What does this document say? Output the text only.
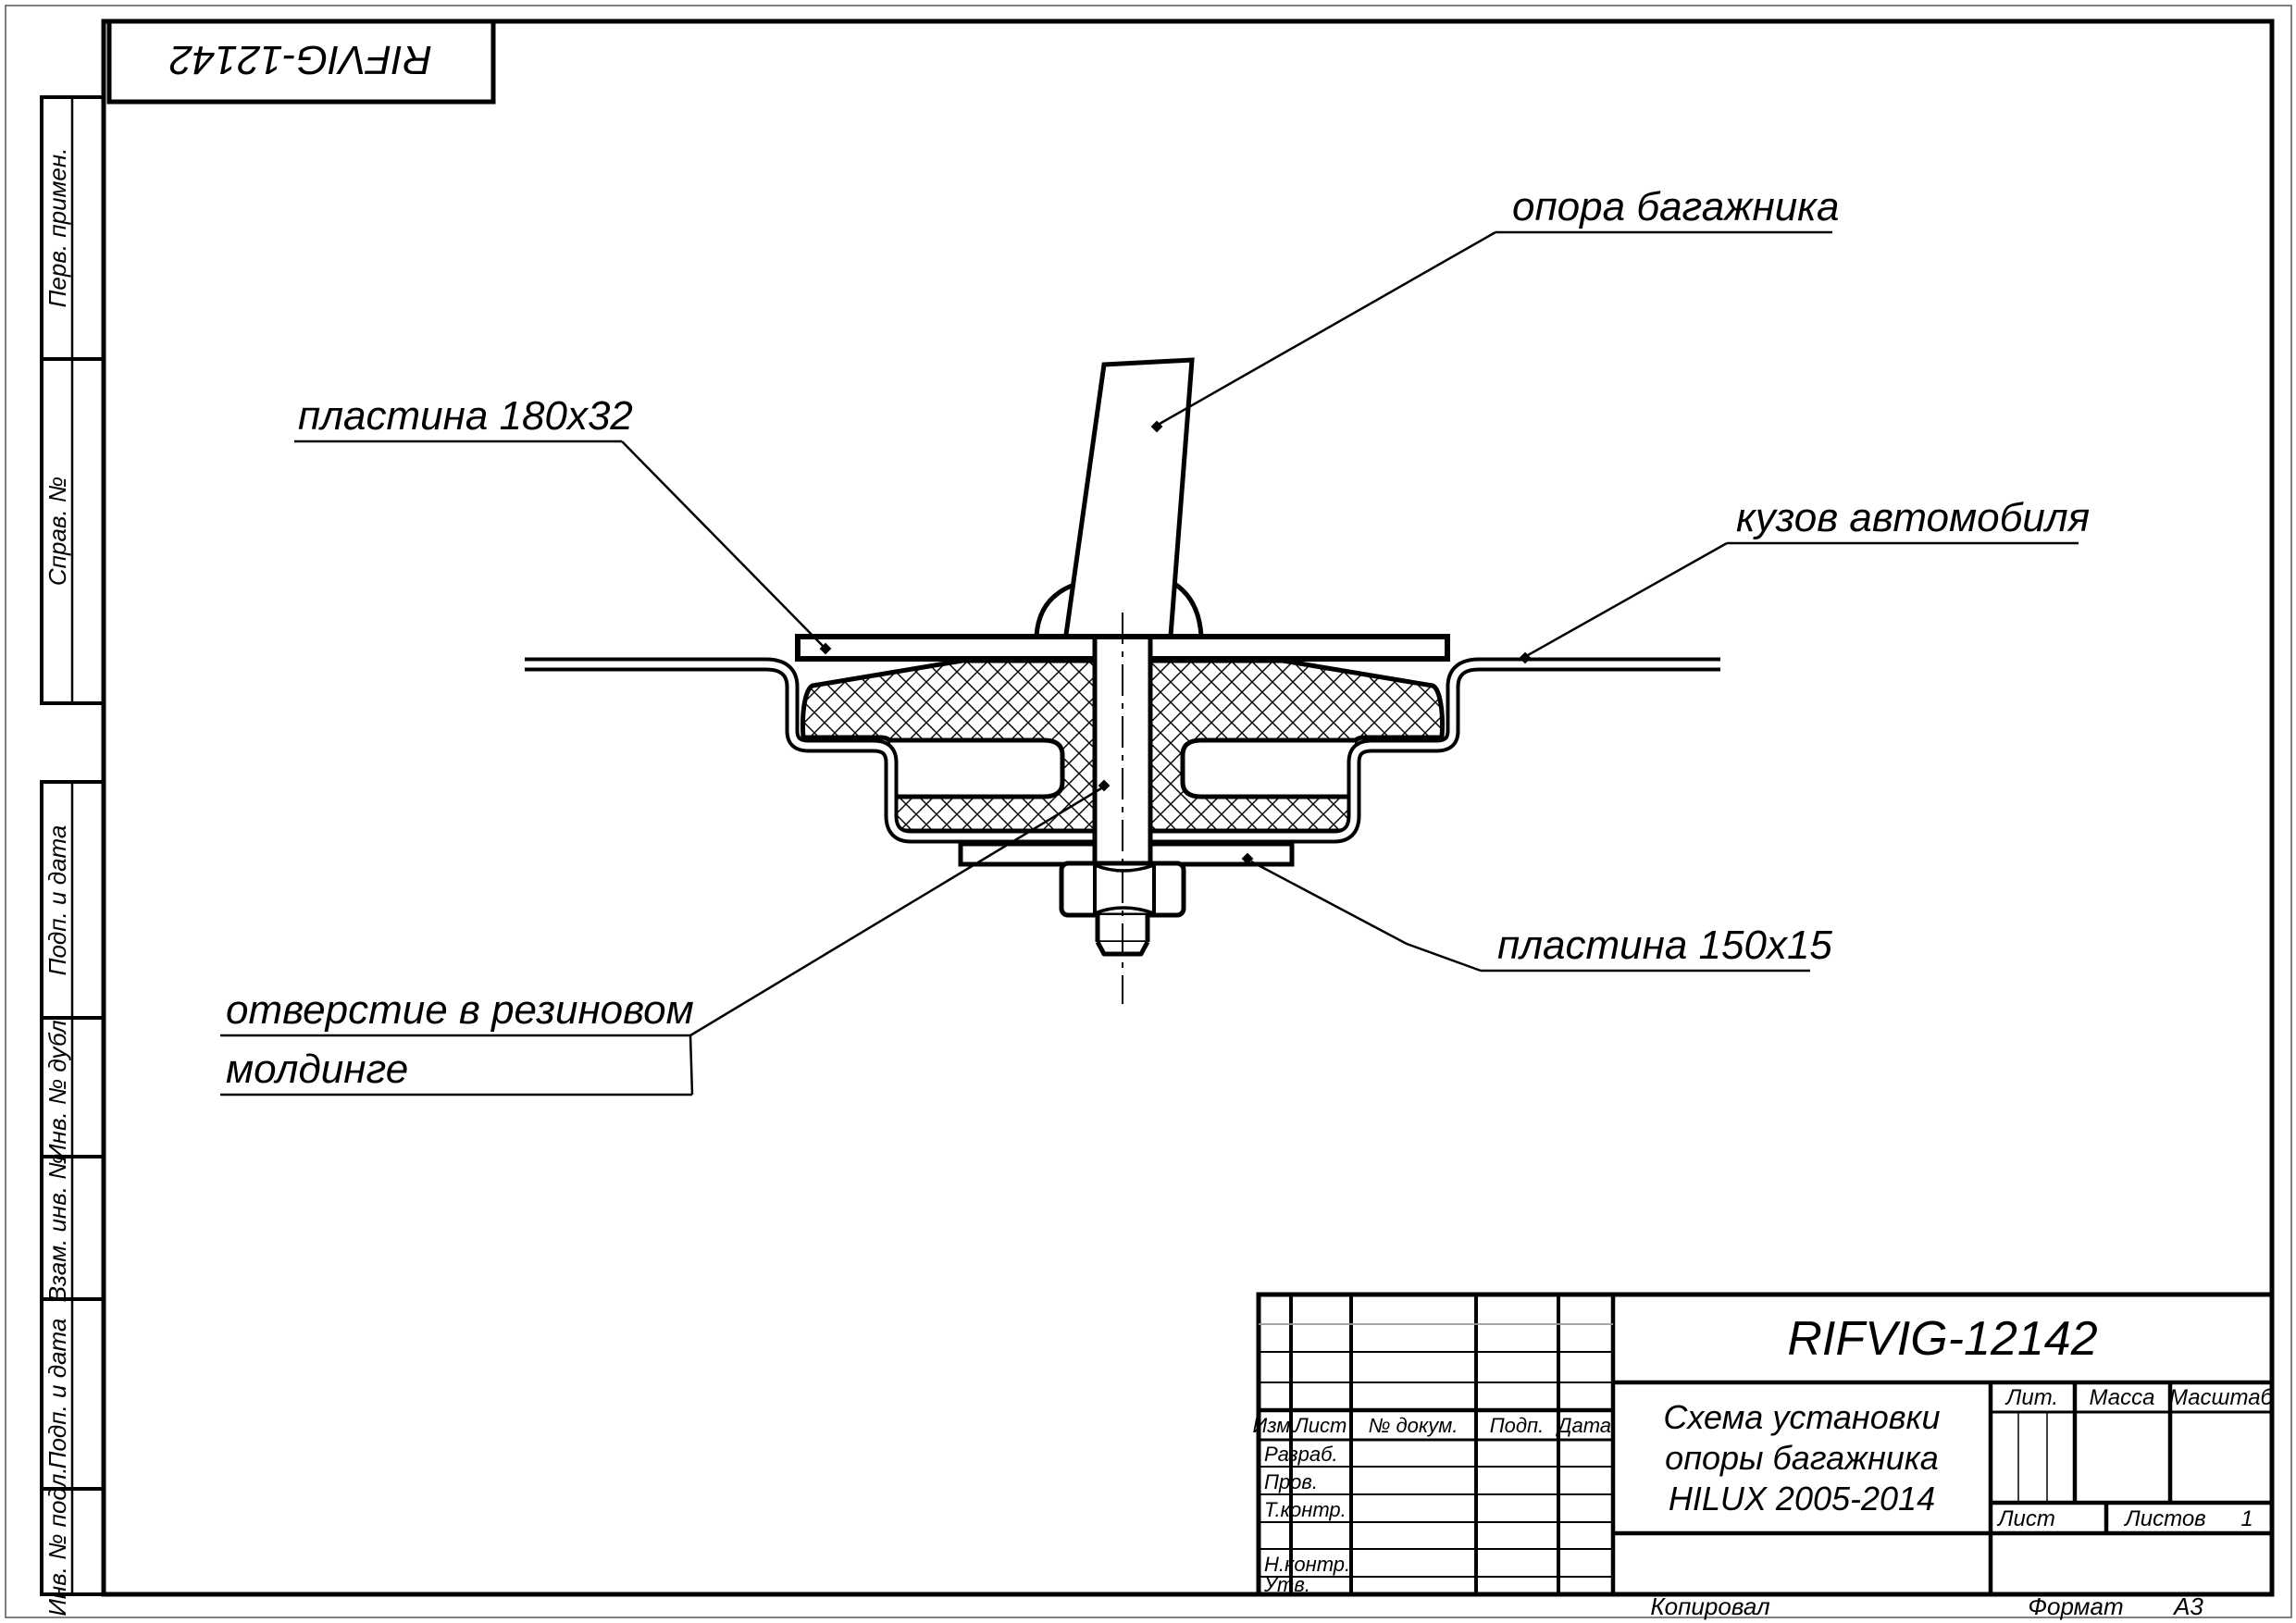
RIFVIG-12142
Перв. примен.
Справ. №
Подп. и дата
Инв. № дубл.
Взам. инв. №
Подп. и дата
Инв. № подл.
пластина 180x32
опора багажника
кузов автомобиля
пластина 150x15
отверстие в резиновом
молдинге
RIFVIG-12142
Схема установки
опоры багажника
HILUX 2005-2014
Лит. Масса Масштаб
Лист	Листов 1
Изм.
Лист № докум. Подп. Дата
Разраб.
Пров.
Т.контр.
Н.контр.
Утв.
Копировал	Формат А3
